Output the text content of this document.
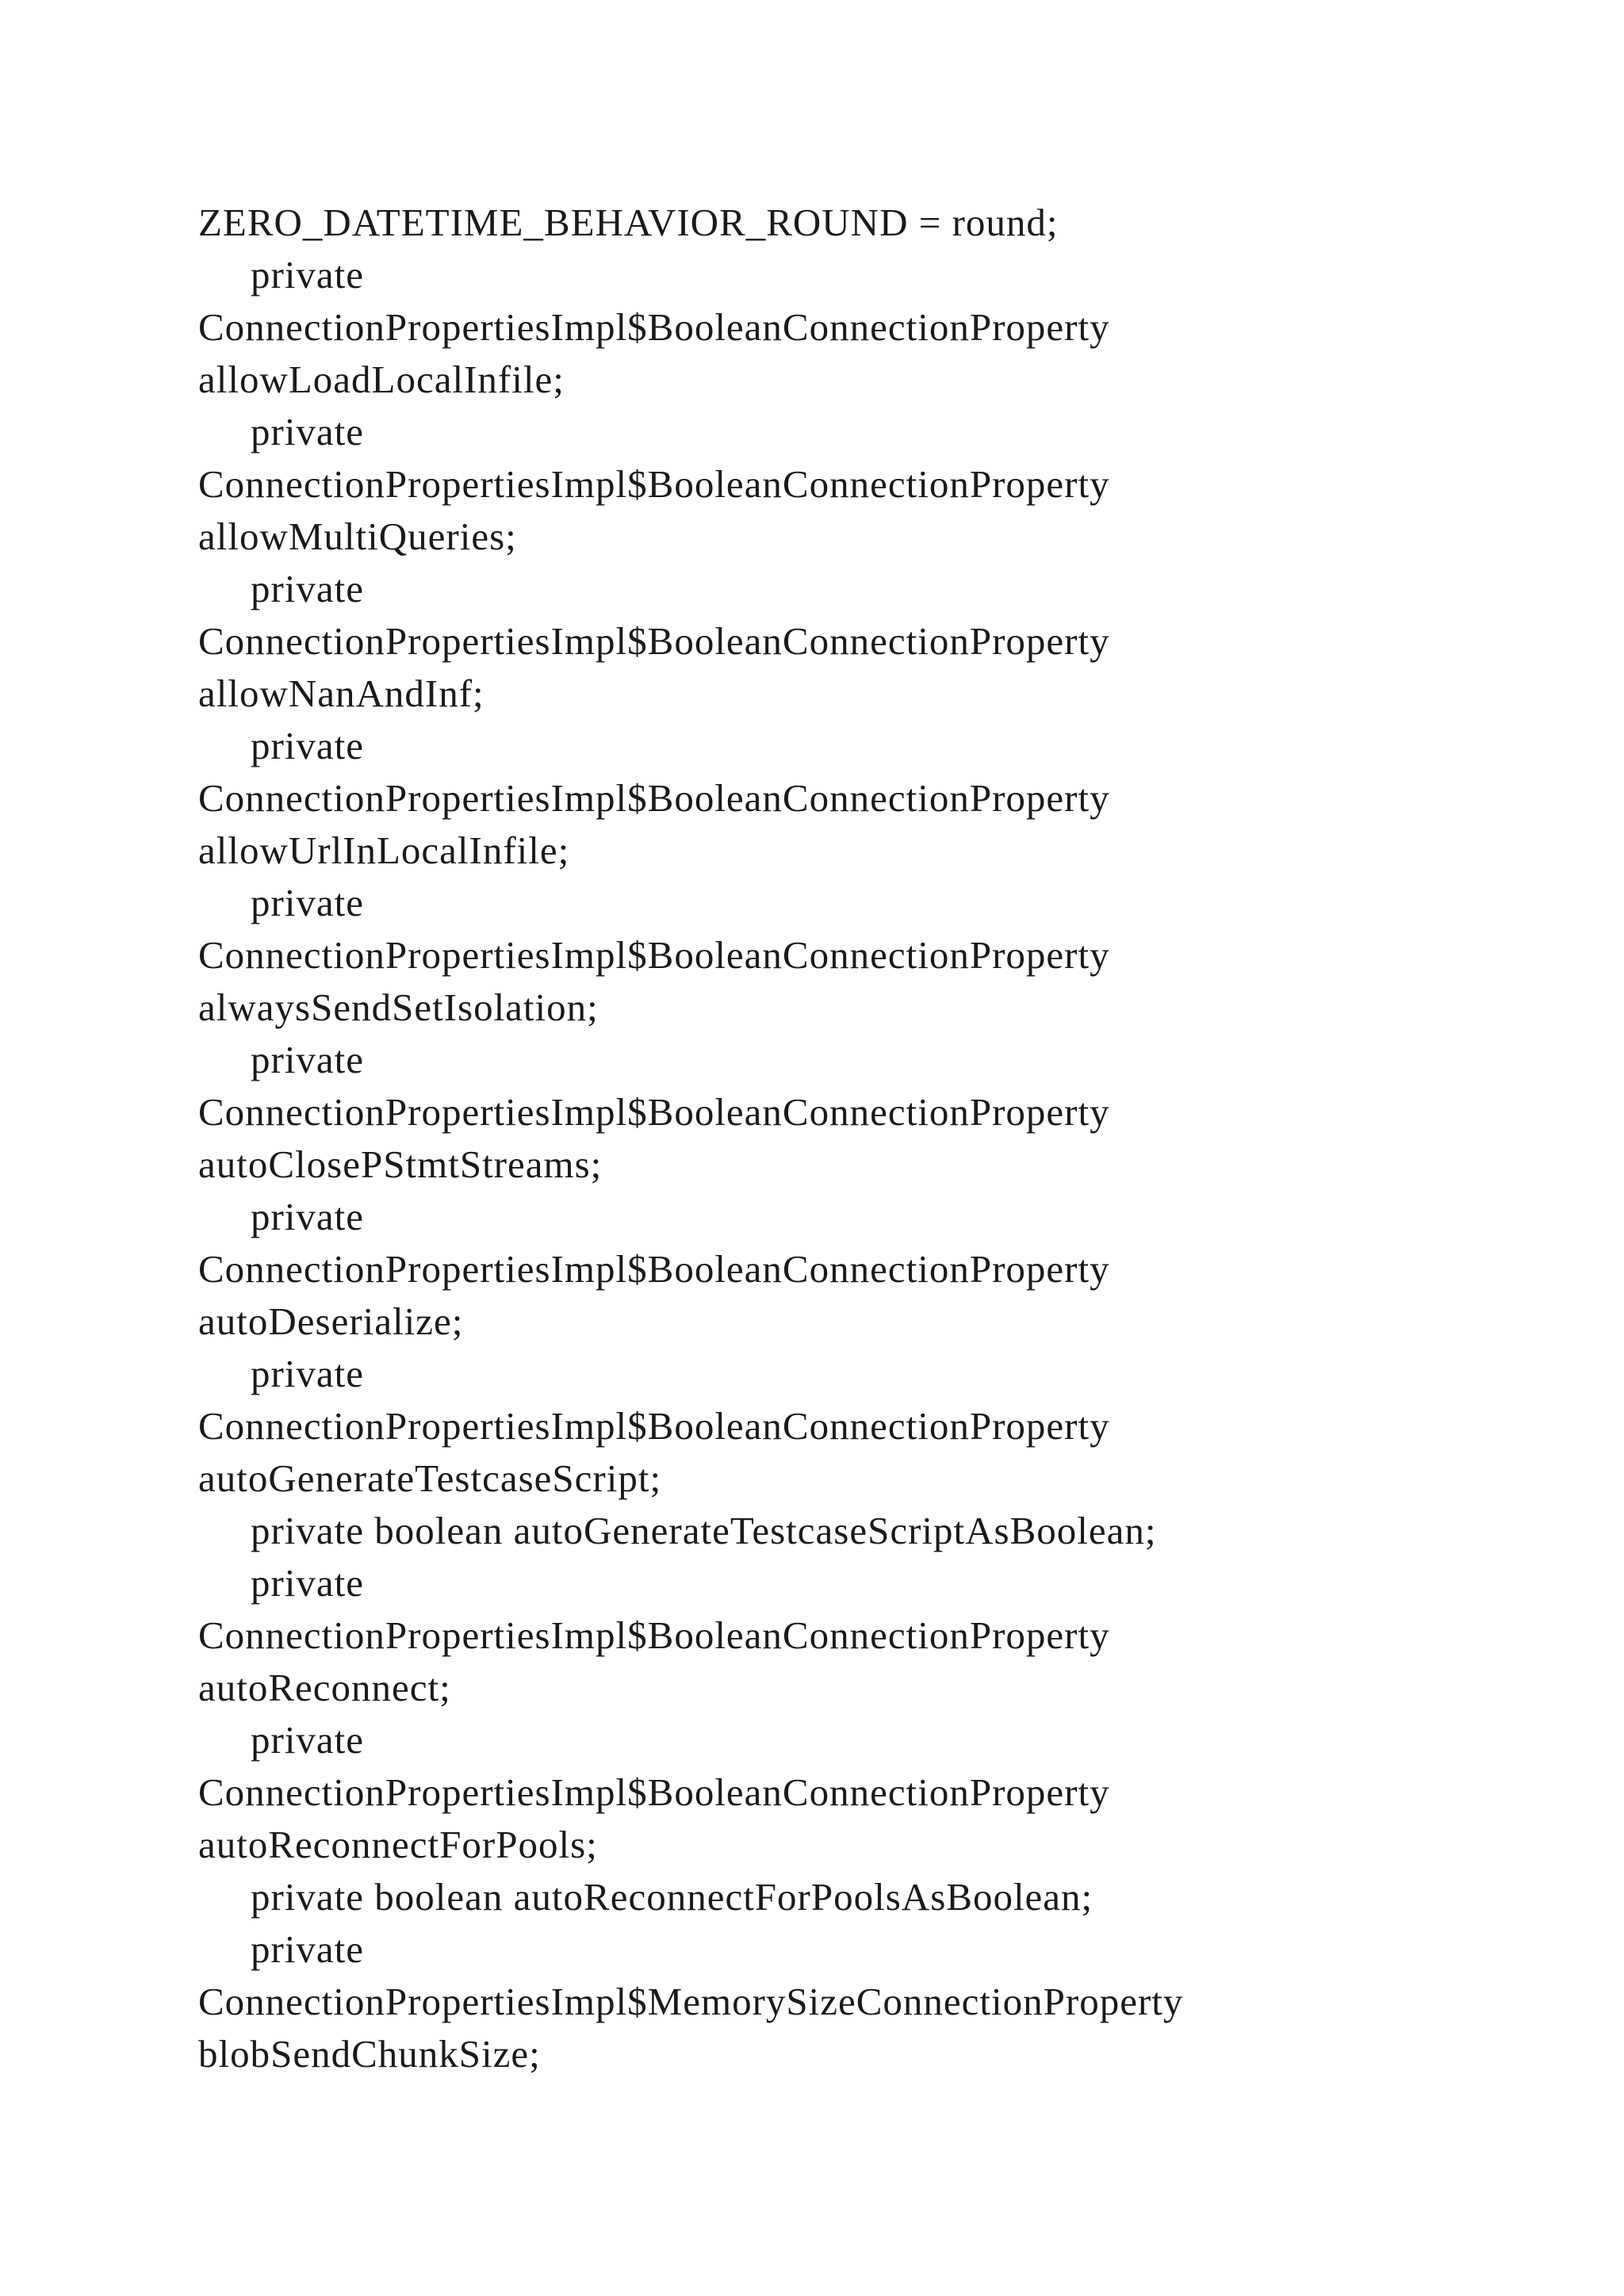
ZERO_DATETIME_BEHAVIOR_ROUND = round;
private
ConnectionPropertiesImpl$BooleanConnectionProperty
allowLoadLocalInfile;
private
ConnectionPropertiesImpl$BooleanConnectionProperty
allowMultiQueries;
private
ConnectionPropertiesImpl$BooleanConnectionProperty
allowNanAndInf;
private
ConnectionPropertiesImpl$BooleanConnectionProperty
allowUrlInLocalInfile;
private
ConnectionPropertiesImpl$BooleanConnectionProperty
alwaysSendSetIsolation;
private
ConnectionPropertiesImpl$BooleanConnectionProperty
autoClosePStmtStreams;
private
ConnectionPropertiesImpl$BooleanConnectionProperty
autoDeserialize;
private
ConnectionPropertiesImpl$BooleanConnectionProperty
autoGenerateTestcaseScript;
private boolean autoGenerateTestcaseScriptAsBoolean;
private
ConnectionPropertiesImpl$BooleanConnectionProperty
autoReconnect;
private
ConnectionPropertiesImpl$BooleanConnectionProperty
autoReconnectForPools;
private boolean autoReconnectForPoolsAsBoolean;
private
ConnectionPropertiesImpl$MemorySizeConnectionProperty
blobSendChunkSize;
